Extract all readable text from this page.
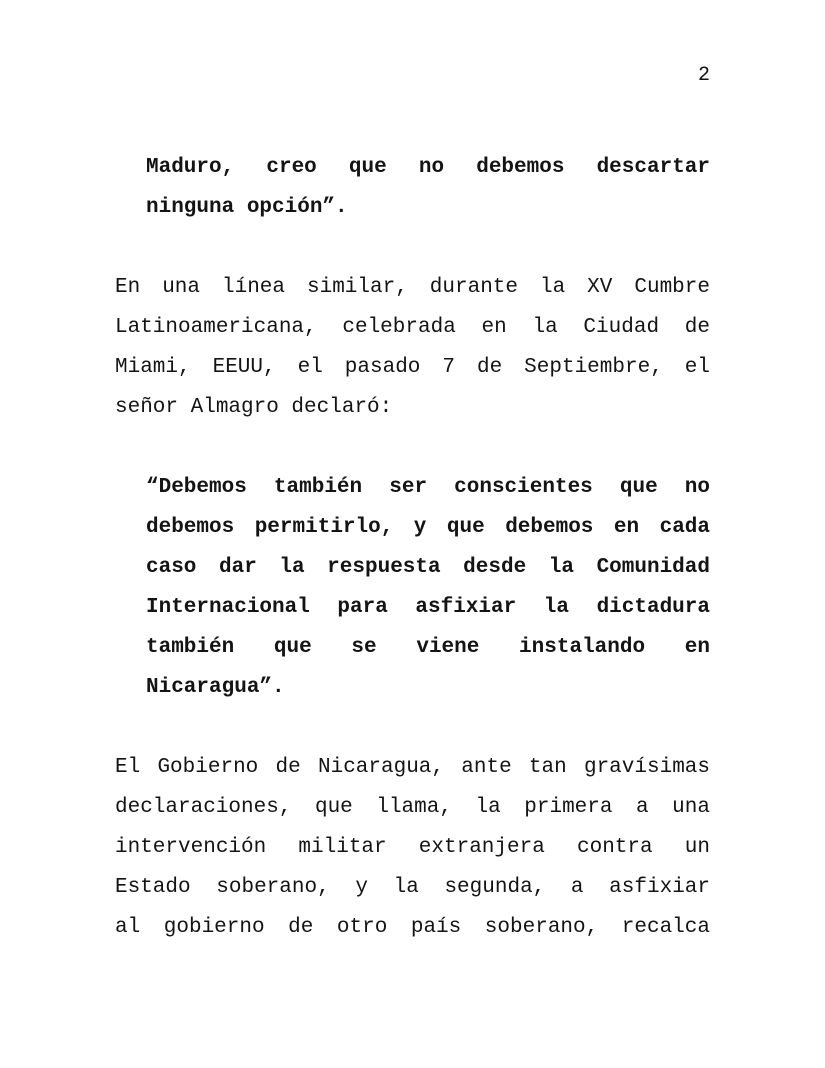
2
Maduro, creo que no debemos descartar
ninguna opción”.
En una línea similar, durante la XV Cumbre
Latinoamericana, celebrada en la Ciudad de
Miami, EEUU, el pasado 7 de Septiembre, el
señor Almagro declaró:
“Debemos también ser conscientes que no
debemos permitirlo, y que debemos en cada
caso dar la respuesta desde la Comunidad
Internacional para asfixiar la dictadura
también que se viene instalando en
Nicaragua”.
El Gobierno de Nicaragua, ante tan gravísimas
declaraciones, que llama, la primera a una
intervención militar extranjera contra un
Estado soberano, y la segunda, a asfixiar
al gobierno de otro país soberano, recalca
